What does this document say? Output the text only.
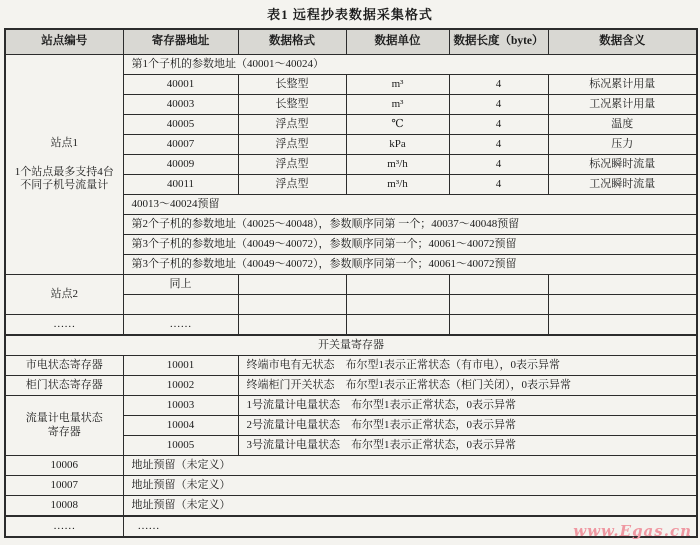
表1 远程抄表数据采集格式
站点编号	寄存器地址	数据格式	数据单位	数据长度（byte）	数据含义

站点1
1个站点最多支持4台
不同子机号流量计	第1个子机的参数地址（40001～40024）				
	40001	长整型	m³	4	标况累计用量
	40003	长整型	m³	4	工况累计用量
	40005	浮点型	℃	4	温度
	40007	浮点型	kPa	4	压力
	40009	浮点型	m³/h	4	标况瞬时流量
	40011	浮点型	m³/h	4	工况瞬时流量
	40013～40024预留				
	第2个子机的参数地址（40025～40048），参数顺序同第 一个；40037～40048预留				
	第3个子机的参数地址（40049～40072），参数顺序同第一个；40061～40072预留				
	第3个子机的参数地址（40049～40072），参数顺序同第一个；40061～40072预留				
站点2	同上				

……	……				
开关量寄存器					
市电状态寄存器	10001	终端市电有无状态　布尔型1表示正常状态（有市电），0表示异常			
柜门状态寄存器	10002	终端柜门开关状态　布尔型1表示正常状态（柜门关闭），0表示异常			

流量计电量状态
寄存器	10003	1号流量计电量状态　布尔型1表示正常状态，0表示异常			
	10004	2号流量计电量状态　布尔型1表示正常状态，0表示异常			
	10005	3号流量计电量状态　布尔型1表示正常状态，0表示异常			
10006	地址预留（未定义）				
10007	地址预留（未定义）				
10008	地址预留（未定义）				
……	……					www.Egas.cn
